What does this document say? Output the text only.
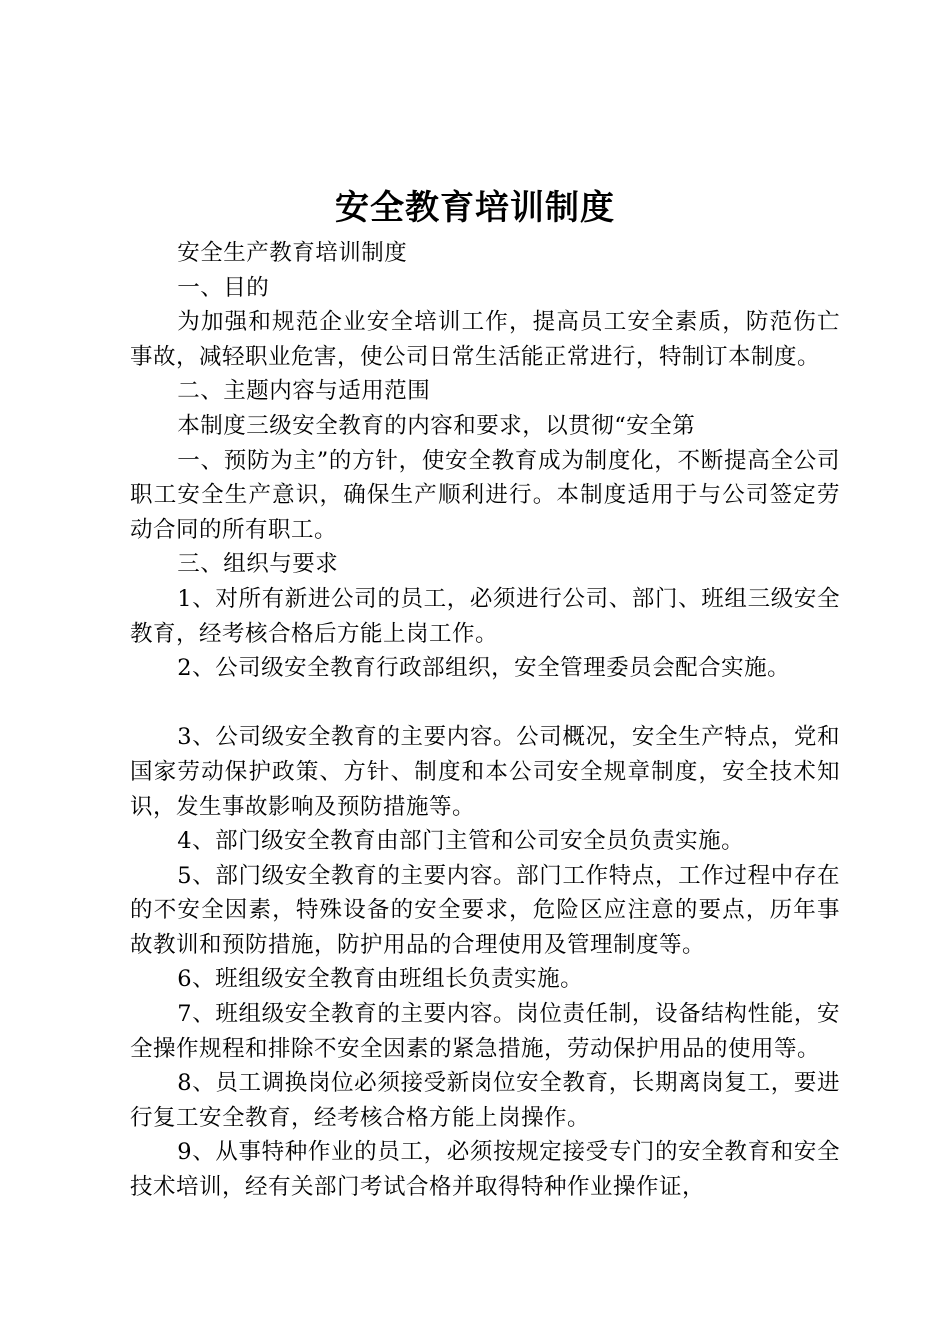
安全教育培训制度

安全生产教育培训制度

一、目的

为加强和规范企业安全培训工作，提高员工安全素质，防范伤亡事故，减轻职业危害，使公司日常生活能正常进行，特制订本制度。

二、主题内容与适用范围

本制度三级安全教育的内容和要求，以贯彻“安全第

一、预防为主”的方针，使安全教育成为制度化，不断提高全公司职工安全生产意识，确保生产顺利进行。本制度适用于与公司签定劳动合同的所有职工。

三、组织与要求

1、对所有新进公司的员工，必须进行公司、部门、班组三级安全教育，经考核合格后方能上岗工作。

2、公司级安全教育行政部组织，安全管理委员会配合实施。

3、公司级安全教育的主要内容。公司概况，安全生产特点，党和国家劳动保护政策、方针、制度和本公司安全规章制度，安全技术知识，发生事故影响及预防措施等。

4、部门级安全教育由部门主管和公司安全员负责实施。

5、部门级安全教育的主要内容。部门工作特点，工作过程中存在的不安全因素，特殊设备的安全要求，危险区应注意的要点，历年事故教训和预防措施，防护用品的合理使用及管理制度等。

6、班组级安全教育由班组长负责实施。

7、班组级安全教育的主要内容。岗位责任制，设备结构性能，安全操作规程和排除不安全因素的紧急措施，劳动保护用品的使用等。

8、员工调换岗位必须接受新岗位安全教育，长期离岗复工，要进行复工安全教育，经考核合格方能上岗操作。

9、从事特种作业的员工，必须按规定接受专门的安全教育和安全技术培训，经有关部门考试合格并取得特种作业操作证，
